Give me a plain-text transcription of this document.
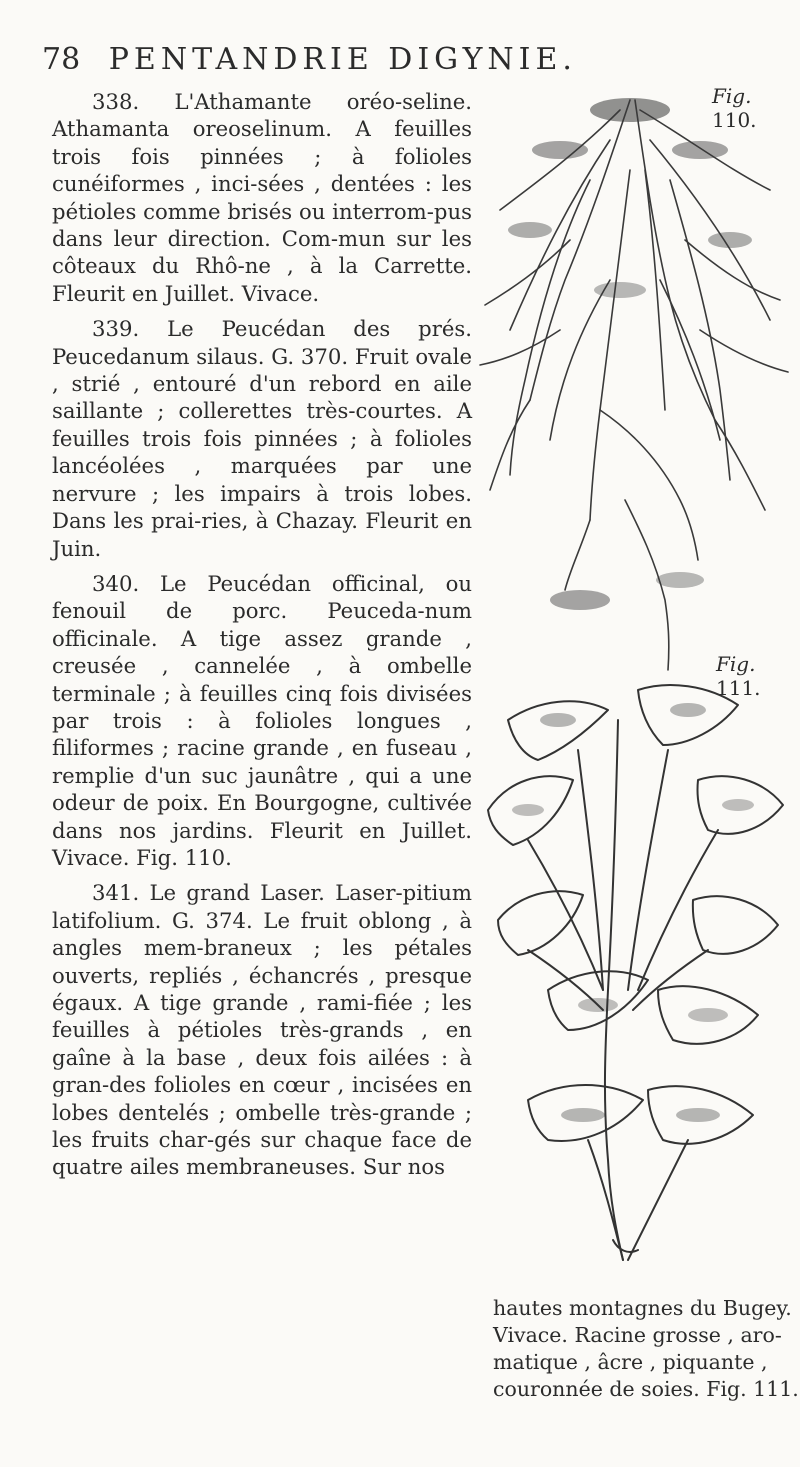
78 PENTANDRIE DIGYNIE.

338. L'Athamante oréo-seline. Athamanta oreoselinum. A feuilles trois fois pinnées ; à folioles cunéiformes , inci-sées , dentées : les pétioles comme brisés ou interrom-pus dans leur direction. Com-mun sur les côteaux du Rhô-ne , à la Carrette. Fleurit en Juillet. Vivace.

339. Le Peucédan des prés. Peucedanum silaus. G. 370. Fruit ovale , strié , entouré d'un rebord en aile saillante ; collerettes très-courtes. A feuilles trois fois pinnées ; à folioles lancéolées , marquées par une nervure ; les impairs à trois lobes. Dans les prai-ries, à Chazay. Fleurit en Juin.

340. Le Peucédan officinal, ou fenouil de porc. Peuceda-num officinale. A tige assez grande , creusée , cannelée , à ombelle terminale ; à feuilles cinq fois divisées par trois : à folioles longues , filiformes ; racine grande , en fuseau , remplie d'un suc jaunâtre , qui a une odeur de poix. En Bourgogne, cultivée dans nos jardins. Fleurit en Juillet. Vivace. Fig. 110.

341. Le grand Laser. Laser-pitium latifolium. G. 374. Le fruit oblong , à angles mem-braneux ; les pétales ouverts, repliés , échancrés , presque égaux. A tige grande , rami-fiée ; les feuilles à pétioles très-grands , en gaîne à la base , deux fois ailées : à gran-des folioles en cœur , incisées en lobes dentelés ; ombelle très-grande ; les fruits char-gés sur chaque face de quatre ailes membraneuses. Sur nos

Fig. 110.
Fig. 111.
hautes montagnes du Bugey.
Vivace. Racine grosse , aro-
matique , âcre , piquante ,
couronnée de soies. Fig. 111.
